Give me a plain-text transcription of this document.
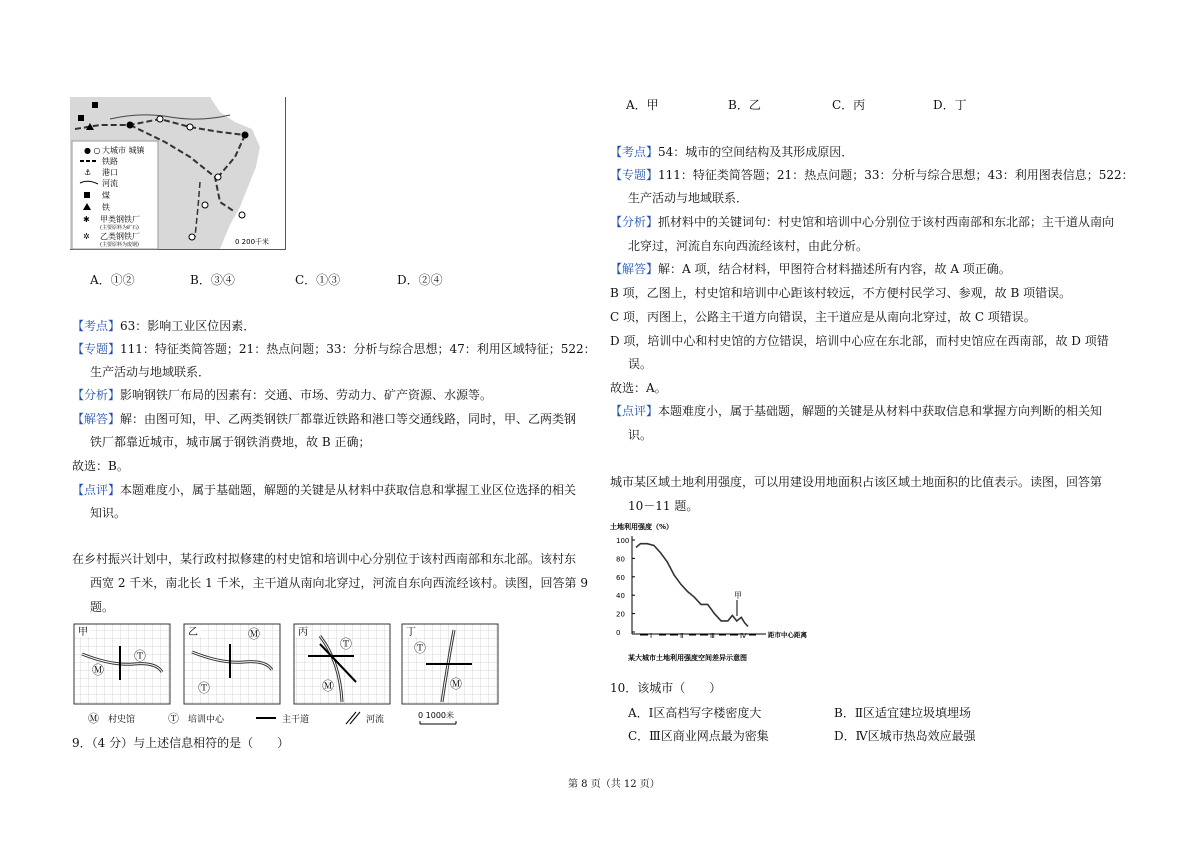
● ○ 大城市 城镇
铁路
⚓ 港口
河流
煤
铁
✱ 甲类钢铁厂
(主要原料为矿石)
✲ 乙类钢铁厂
(主要原料为废钢)	0 200千米
A．①②	B．③④	C．①③	D．②④
【考点】63：影响工业区位因素．
【专题】111：特征类简答题；21：热点问题；33：分析与综合思想；47：利用区域特征；522：
生产活动与地域联系．
【分析】影响钢铁厂布局的因素有：交通、市场、劳动力、矿产资源、水源等。
【解答】解：由图可知，甲、乙两类钢铁厂都靠近铁路和港口等交通线路，同时，甲、乙两类钢
铁厂都靠近城市，城市属于钢铁消费地，故 B 正确；
故选：B。
【点评】本题难度小，属于基础题，解题的关键是从材料中获取信息和掌握工业区位选择的相关
知识。
在乡村振兴计划中，某行政村拟修建的村史馆和培训中心分别位于该村西南部和东北部。该村东
西宽 2 千米，南北长 1 千米，主干道从南向北穿过，河流自东向西流经该村。读图，回答第 9
题。
甲
Ⓣ
Ⓜ
乙	Ⓜ
Ⓣ
丙
Ⓣ
Ⓜ
丁
Ⓣ
Ⓜ
Ⓜ 村史馆	Ⓣ 培训中心	主干道	河流	0 1000米
9．（4 分）与上述信息相符的是（　　）
A．甲	B．乙	C．丙	D．丁
【考点】54：城市的空间结构及其形成原因．
【专题】111：特征类简答题；21：热点问题；33：分析与综合思想；43：利用图表信息；522：
生产活动与地域联系．
【分析】抓材料中的关键词句：村史馆和培训中心分别位于该村西南部和东北部；主干道从南向
北穿过，河流自东向西流经该村，由此分析。
【解答】解：A 项，结合材料，甲图符合材料描述所有内容，故 A 项正确。
B 项，乙图上，村史馆和培训中心距该村较远，不方便村民学习、参观，故 B 项错误。
C 项，丙图上，公路主干道方向错误，主干道应是从南向北穿过，故 C 项错误。
D 项，培训中心和村史馆的方位错误，培训中心应在东北部，而村史馆应在西南部，故 D 项错
误。
故选：A。
【点评】本题难度小，属于基础题，解题的关键是从材料中获取信息和掌握方向判断的相关知
识。
城市某区域土地利用强度，可以用建设用地面积占该区域土地面积的比值表示。读图，回答第
10－11 题。
土地利用强度（%）
0
20
40
60
80
100
Ⅰ	Ⅱ	Ⅲ	Ⅳ
甲
距市中心距离
某大城市土地利用强度空间差异示意图
10．该城市（　　）
A．Ⅰ区高档写字楼密度大	B．Ⅱ区适宜建垃圾填埋场
C．Ⅲ区商业网点最为密集	D．Ⅳ区城市热岛效应最强
第 8 页（共 12 页）
